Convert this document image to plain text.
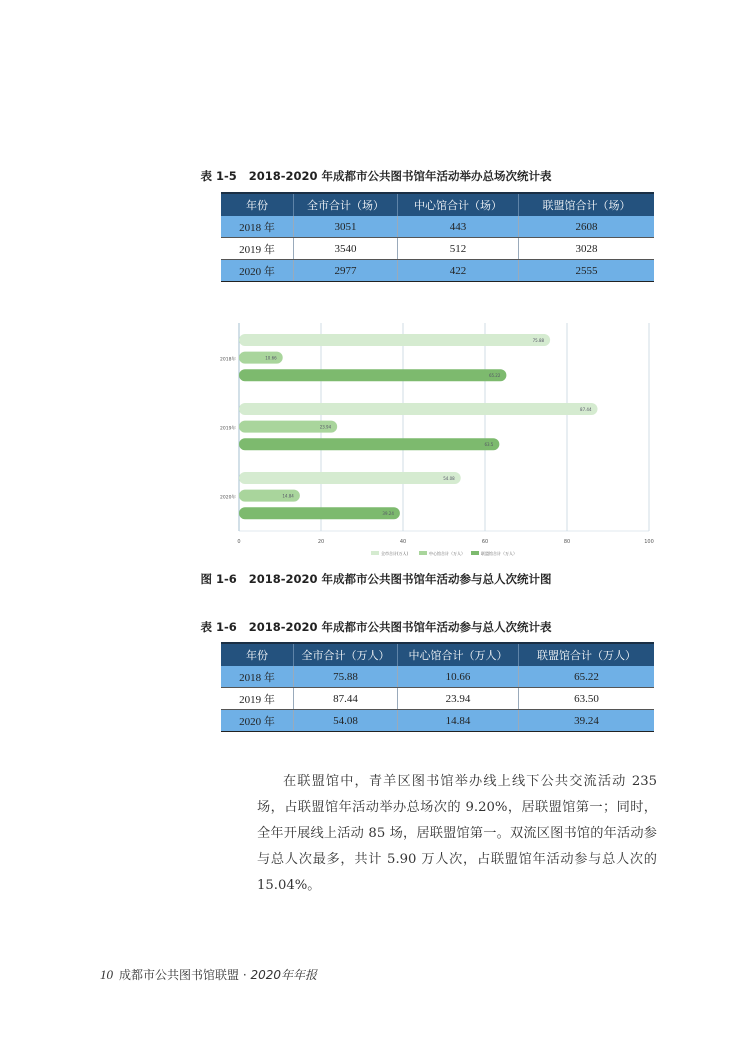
表 1-5 2018-2020 年成都市公共图书馆年活动举办总场次统计表
年份	全市合计（场）	中心馆合计（场）	联盟馆合计（场）
2018 年	3051	443	2608
2019 年	3540	512	3028
2020 年	2977	422	2555
0	20	40	60	80	100
75.88
10.66
65.22
2018年
87.44
23.94
63.5
2019年
54.08
14.84
39.24
2020年
全市合计(万人)	中心馆合计（万人）	联盟馆合计（万人）
图 1-6 2018-2020 年成都市公共图书馆年活动参与总人次统计图
表 1-6 2018-2020 年成都市公共图书馆年活动参与总人次统计表
年份	全市合计（万人）	中心馆合计（万人）	联盟馆合计（万人）
2018 年	75.88	10.66	65.22
2019 年	87.44	23.94	63.50
2020 年	54.08	14.84	39.24

在联盟馆中，青羊区图书馆举办线上线下公共交流活动 235 场，占联盟馆年活动举办总场次的 9.20%，居联盟馆第一；同时，全年开展线上活动 85 场，居联盟馆第一。双流区图书馆的年活动参与总人次最多，共计 5.90 万人次，占联盟馆年活动参与总人次的 15.04%。

10 成都市公共图书馆联盟 · 2020年年报
